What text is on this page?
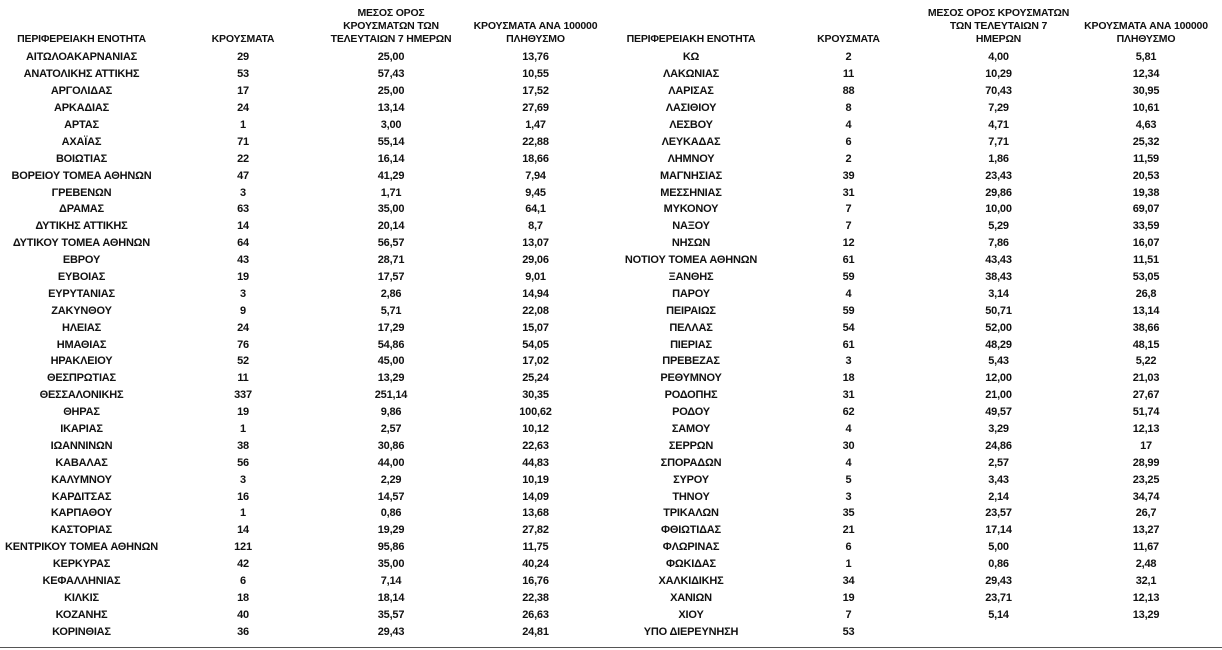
ΠΕΡΙΦΕΡΕΙΑΚΗ ΕΝΟΤΗΤΑ	ΚΡΟΥΣΜΑΤΑ	ΜΕΣΟΣ ΟΡΟΣ ΚΡΟΥΣΜΑΤΩΝ ΤΩΝ ΤΕΛΕΥΤΑΙΩΝ 7 ΗΜΕΡΩΝ	ΚΡΟΥΣΜΑΤΑ ΑΝΑ 100000 ΠΛΗΘΥΣΜΟ
ΑΙΤΩΛΟΑΚΑΡΝΑΝΙΑΣ	29	25,00	13,76
ΑΝΑΤΟΛΙΚΗΣ ΑΤΤΙΚΗΣ	53	57,43	10,55
ΑΡΓΟΛΙΔΑΣ	17	25,00	17,52
ΑΡΚΑΔΙΑΣ	24	13,14	27,69
ΑΡΤΑΣ	1	3,00	1,47
ΑΧΑΪΑΣ	71	55,14	22,88
ΒΟΙΩΤΙΑΣ	22	16,14	18,66
ΒΟΡΕΙΟΥ ΤΟΜΕΑ ΑΘΗΝΩΝ	47	41,29	7,94
ΓΡΕΒΕΝΩΝ	3	1,71	9,45
ΔΡΑΜΑΣ	63	35,00	64,1
ΔΥΤΙΚΗΣ ΑΤΤΙΚΗΣ	14	20,14	8,7
ΔΥΤΙΚΟΥ ΤΟΜΕΑ ΑΘΗΝΩΝ	64	56,57	13,07
ΕΒΡΟΥ	43	28,71	29,06
ΕΥΒΟΙΑΣ	19	17,57	9,01
ΕΥΡΥΤΑΝΙΑΣ	3	2,86	14,94
ΖΑΚΥΝΘΟΥ	9	5,71	22,08
ΗΛΕΙΑΣ	24	17,29	15,07
ΗΜΑΘΙΑΣ	76	54,86	54,05
ΗΡΑΚΛΕΙΟΥ	52	45,00	17,02
ΘΕΣΠΡΩΤΙΑΣ	11	13,29	25,24
ΘΕΣΣΑΛΟΝΙΚΗΣ	337	251,14	30,35
ΘΗΡΑΣ	19	9,86	100,62
ΙΚΑΡΙΑΣ	1	2,57	10,12
ΙΩΑΝΝΙΝΩΝ	38	30,86	22,63
ΚΑΒΑΛΑΣ	56	44,00	44,83
ΚΑΛΥΜΝΟΥ	3	2,29	10,19
ΚΑΡΔΙΤΣΑΣ	16	14,57	14,09
ΚΑΡΠΑΘΟΥ	1	0,86	13,68
ΚΑΣΤΟΡΙΑΣ	14	19,29	27,82
ΚΕΝΤΡΙΚΟΥ ΤΟΜΕΑ ΑΘΗΝΩΝ	121	95,86	11,75
ΚΕΡΚΥΡΑΣ	42	35,00	40,24
ΚΕΦΑΛΛΗΝΙΑΣ	6	7,14	16,76
ΚΙΛΚΙΣ	18	18,14	22,38
ΚΟΖΑΝΗΣ	40	35,57	26,63
ΚΟΡΙΝΘΙΑΣ	36	29,43	24,81
ΠΕΡΙΦΕΡΕΙΑΚΗ ΕΝΟΤΗΤΑ	ΚΡΟΥΣΜΑΤΑ	ΜΕΣΟΣ ΟΡΟΣ ΚΡΟΥΣΜΑΤΩΝ ΤΩΝ ΤΕΛΕΥΤΑΙΩΝ 7 ΗΜΕΡΩΝ	ΚΡΟΥΣΜΑΤΑ ΑΝΑ 100000 ΠΛΗΘΥΣΜΟ
ΚΩ	2	4,00	5,81
ΛΑΚΩΝΙΑΣ	11	10,29	12,34
ΛΑΡΙΣΑΣ	88	70,43	30,95
ΛΑΣΙΘΙΟΥ	8	7,29	10,61
ΛΕΣΒΟΥ	4	4,71	4,63
ΛΕΥΚΑΔΑΣ	6	7,71	25,32
ΛΗΜΝΟΥ	2	1,86	11,59
ΜΑΓΝΗΣΙΑΣ	39	23,43	20,53
ΜΕΣΣΗΝΙΑΣ	31	29,86	19,38
ΜΥΚΟΝΟΥ	7	10,00	69,07
ΝΑΞΟΥ	7	5,29	33,59
ΝΗΣΩΝ	12	7,86	16,07
ΝΟΤΙΟΥ ΤΟΜΕΑ ΑΘΗΝΩΝ	61	43,43	11,51
ΞΑΝΘΗΣ	59	38,43	53,05
ΠΑΡΟΥ	4	3,14	26,8
ΠΕΙΡΑΙΩΣ	59	50,71	13,14
ΠΕΛΛΑΣ	54	52,00	38,66
ΠΙΕΡΙΑΣ	61	48,29	48,15
ΠΡΕΒΕΖΑΣ	3	5,43	5,22
ΡΕΘΥΜΝΟΥ	18	12,00	21,03
ΡΟΔΟΠΗΣ	31	21,00	27,67
ΡΟΔΟΥ	62	49,57	51,74
ΣΑΜΟΥ	4	3,29	12,13
ΣΕΡΡΩΝ	30	24,86	17
ΣΠΟΡΑΔΩΝ	4	2,57	28,99
ΣΥΡΟΥ	5	3,43	23,25
ΤΗΝΟΥ	3	2,14	34,74
ΤΡΙΚΑΛΩΝ	35	23,57	26,7
ΦΘΙΩΤΙΔΑΣ	21	17,14	13,27
ΦΛΩΡΙΝΑΣ	6	5,00	11,67
ΦΩΚΙΔΑΣ	1	0,86	2,48
ΧΑΛΚΙΔΙΚΗΣ	34	29,43	32,1
ΧΑΝΙΩΝ	19	23,71	12,13
ΧΙΟΥ	7	5,14	13,29
ΥΠΟ ΔΙΕΡΕΥΝΗΣΗ	53		
